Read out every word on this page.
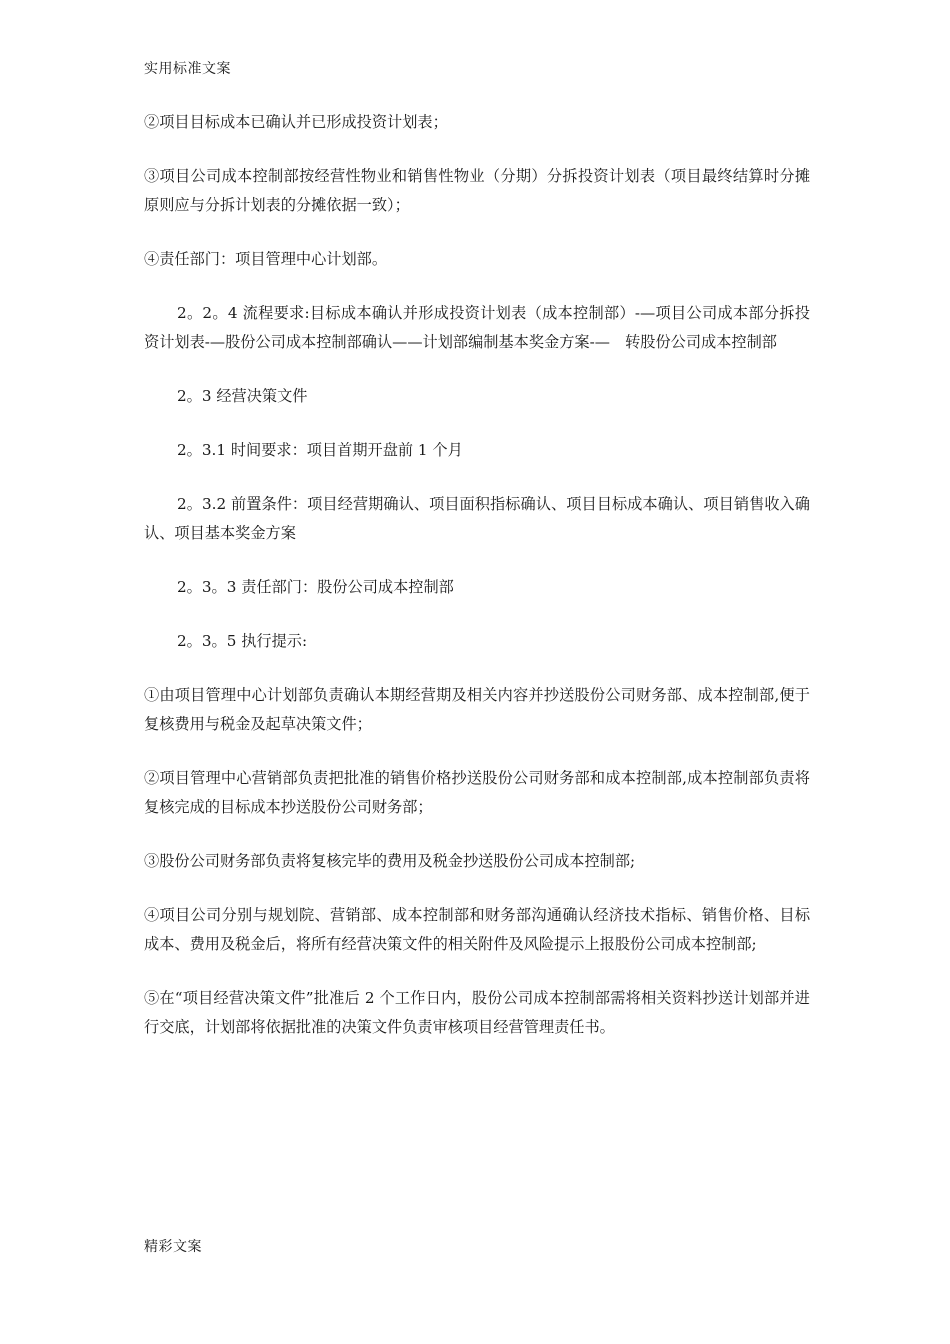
实用标准文案

②项目目标成本已确认并已形成投资计划表；

③项目公司成本控制部按经营性物业和销售性物业（分期）分拆投资计划表（项目最终结算时分摊原则应与分拆计划表的分摊依据一致）；

④责任部门：项目管理中心计划部。

2。2。4 流程要求:目标成本确认并形成投资计划表（成本控制部）-—项目公司成本部分拆投资计划表-—股份公司成本控制部确认——计划部编制基本奖金方案-—　转股份公司成本控制部

2。3 经营决策文件

2。3.1 时间要求：项目首期开盘前 1 个月

2。3.2 前置条件：项目经营期确认、项目面积指标确认、项目目标成本确认、项目销售收入确认、项目基本奖金方案

2。3。3 责任部门：股份公司成本控制部

2。3。5 执行提示:

①由项目管理中心计划部负责确认本期经营期及相关内容并抄送股份公司财务部、成本控制部,便于复核费用与税金及起草决策文件；

②项目管理中心营销部负责把批准的销售价格抄送股份公司财务部和成本控制部,成本控制部负责将复核完成的目标成本抄送股份公司财务部；

③股份公司财务部负责将复核完毕的费用及税金抄送股份公司成本控制部;

④项目公司分别与规划院、营销部、成本控制部和财务部沟通确认经济技术指标、销售价格、目标成本、费用及税金后，将所有经营决策文件的相关附件及风险提示上报股份公司成本控制部;

⑤在“项目经营决策文件”批准后 2 个工作日内，股份公司成本控制部需将相关资料抄送计划部并进行交底，计划部将依据批准的决策文件负责审核项目经营管理责任书。

精彩文案
